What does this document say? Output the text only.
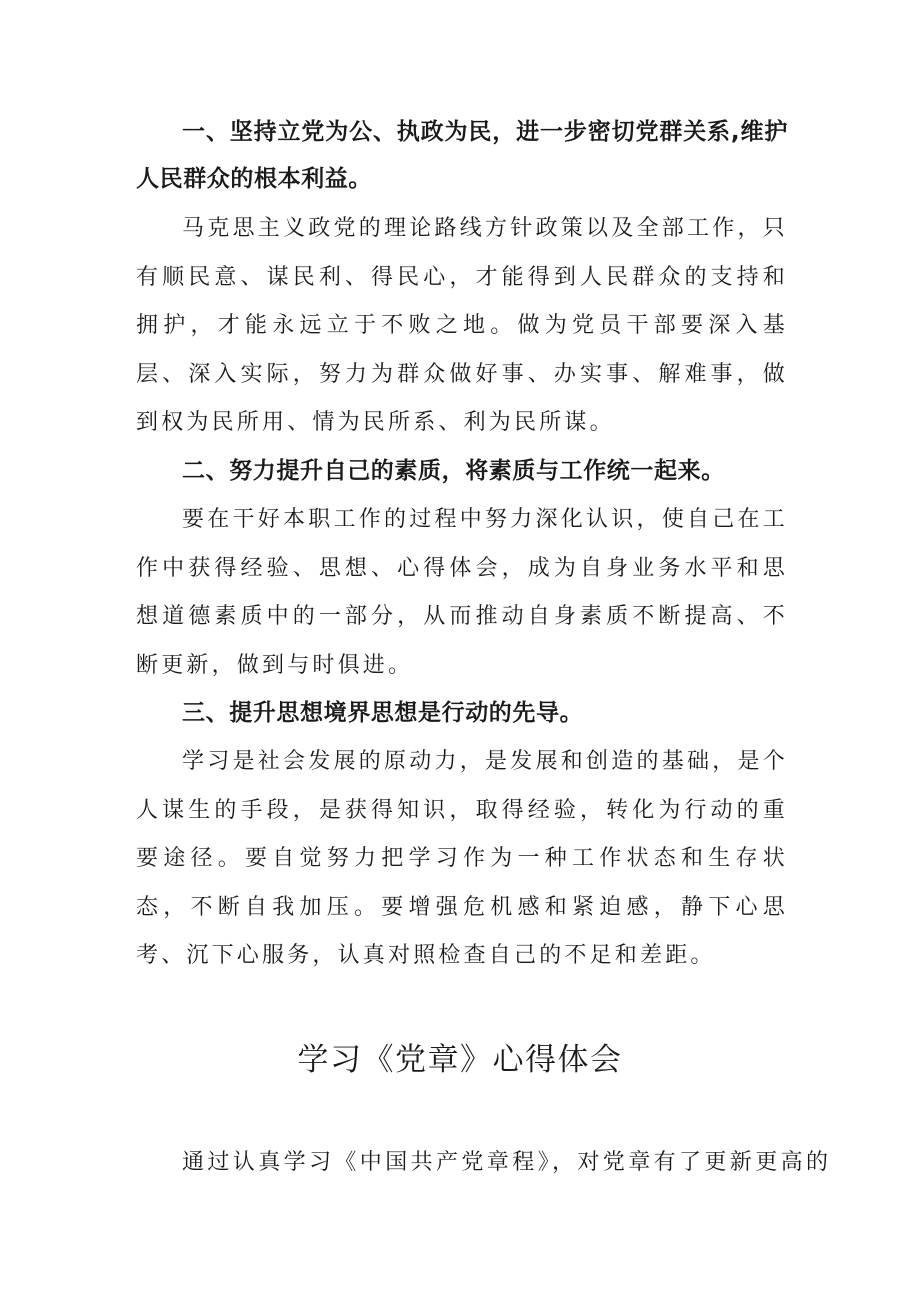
一、坚持立党为公、执政为民，进一步密切党群关系,维护人民群众的根本利益。

马克思主义政党的理论路线方针政策以及全部工作，只有顺民意、谋民利、得民心，才能得到人民群众的支持和拥护，才能永远立于不败之地。做为党员干部要深入基层、深入实际，努力为群众做好事、办实事、解难事，做到权为民所用、情为民所系、利为民所谋。

二、努力提升自己的素质，将素质与工作统一起来。

要在干好本职工作的过程中努力深化认识，使自己在工作中获得经验、思想、心得体会，成为自身业务水平和思想道德素质中的一部分，从而推动自身素质不断提高、不断更新，做到与时俱进。

三、提升思想境界思想是行动的先导。

学习是社会发展的原动力，是发展和创造的基础，是个人谋生的手段，是获得知识，取得经验，转化为行动的重要途径。要自觉努力把学习作为一种工作状态和生存状态，不断自我加压。要增强危机感和紧迫感，静下心思考、沉下心服务，认真对照检查自己的不足和差距。

学习《党章》心得体会

通过认真学习《中国共产党章程》，对党章有了更新更高的
